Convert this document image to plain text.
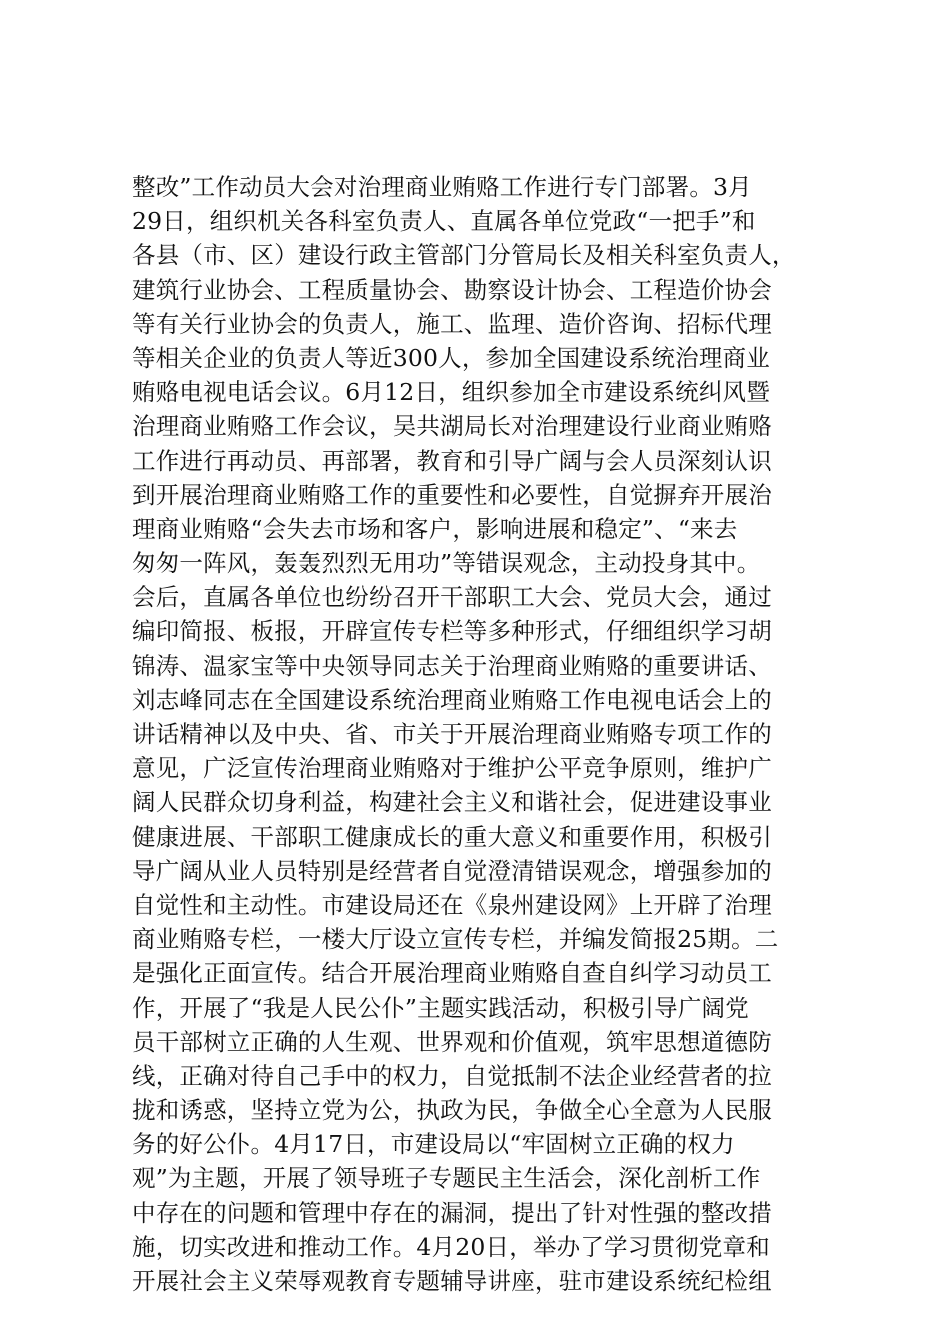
整改”工作动员大会对治理商业贿赂工作进行专门部署。3月
29日，组织机关各科室负责人、直属各单位党政“一把手”和
各县（市、区）建设行政主管部门分管局长及相关科室负责人，
建筑行业协会、工程质量协会、勘察设计协会、工程造价协会
等有关行业协会的负责人，施工、监理、造价咨询、招标代理
等相关企业的负责人等近300人，参加全国建设系统治理商业
贿赂电视电话会议。6月12日，组织参加全市建设系统纠风暨
治理商业贿赂工作会议，吴共湖局长对治理建设行业商业贿赂
工作进行再动员、再部署，教育和引导广阔与会人员深刻认识
到开展治理商业贿赂工作的重要性和必要性，自觉摒弃开展治
理商业贿赂“会失去市场和客户，影响进展和稳定”、“来去
匆匆一阵风，轰轰烈烈无用功”等错误观念，主动投身其中。
会后，直属各单位也纷纷召开干部职工大会、党员大会，通过
编印简报、板报，开辟宣传专栏等多种形式，仔细组织学习胡
锦涛、温家宝等中央领导同志关于治理商业贿赂的重要讲话、
刘志峰同志在全国建设系统治理商业贿赂工作电视电话会上的
讲话精神以及中央、省、市关于开展治理商业贿赂专项工作的
意见，广泛宣传治理商业贿赂对于维护公平竞争原则，维护广
阔人民群众切身利益，构建社会主义和谐社会，促进建设事业
健康进展、干部职工健康成长的重大意义和重要作用，积极引
导广阔从业人员特别是经营者自觉澄清错误观念，增强参加的
自觉性和主动性。市建设局还在《泉州建设网》上开辟了治理
商业贿赂专栏，一楼大厅设立宣传专栏，并编发简报25期。二
是强化正面宣传。结合开展治理商业贿赂自查自纠学习动员工
作，开展了“我是人民公仆”主题实践活动，积极引导广阔党
员干部树立正确的人生观、世界观和价值观，筑牢思想道德防
线，正确对待自己手中的权力，自觉抵制不法企业经营者的拉
拢和诱惑，坚持立党为公，执政为民，争做全心全意为人民服
务的好公仆。4月17日，市建设局以“牢固树立正确的权力
观”为主题，开展了领导班子专题民主生活会，深化剖析工作
中存在的问题和管理中存在的漏洞，提出了针对性强的整改措
施，切实改进和推动工作。4月20日，举办了学习贯彻党章和
开展社会主义荣辱观教育专题辅导讲座，驻市建设系统纪检组
